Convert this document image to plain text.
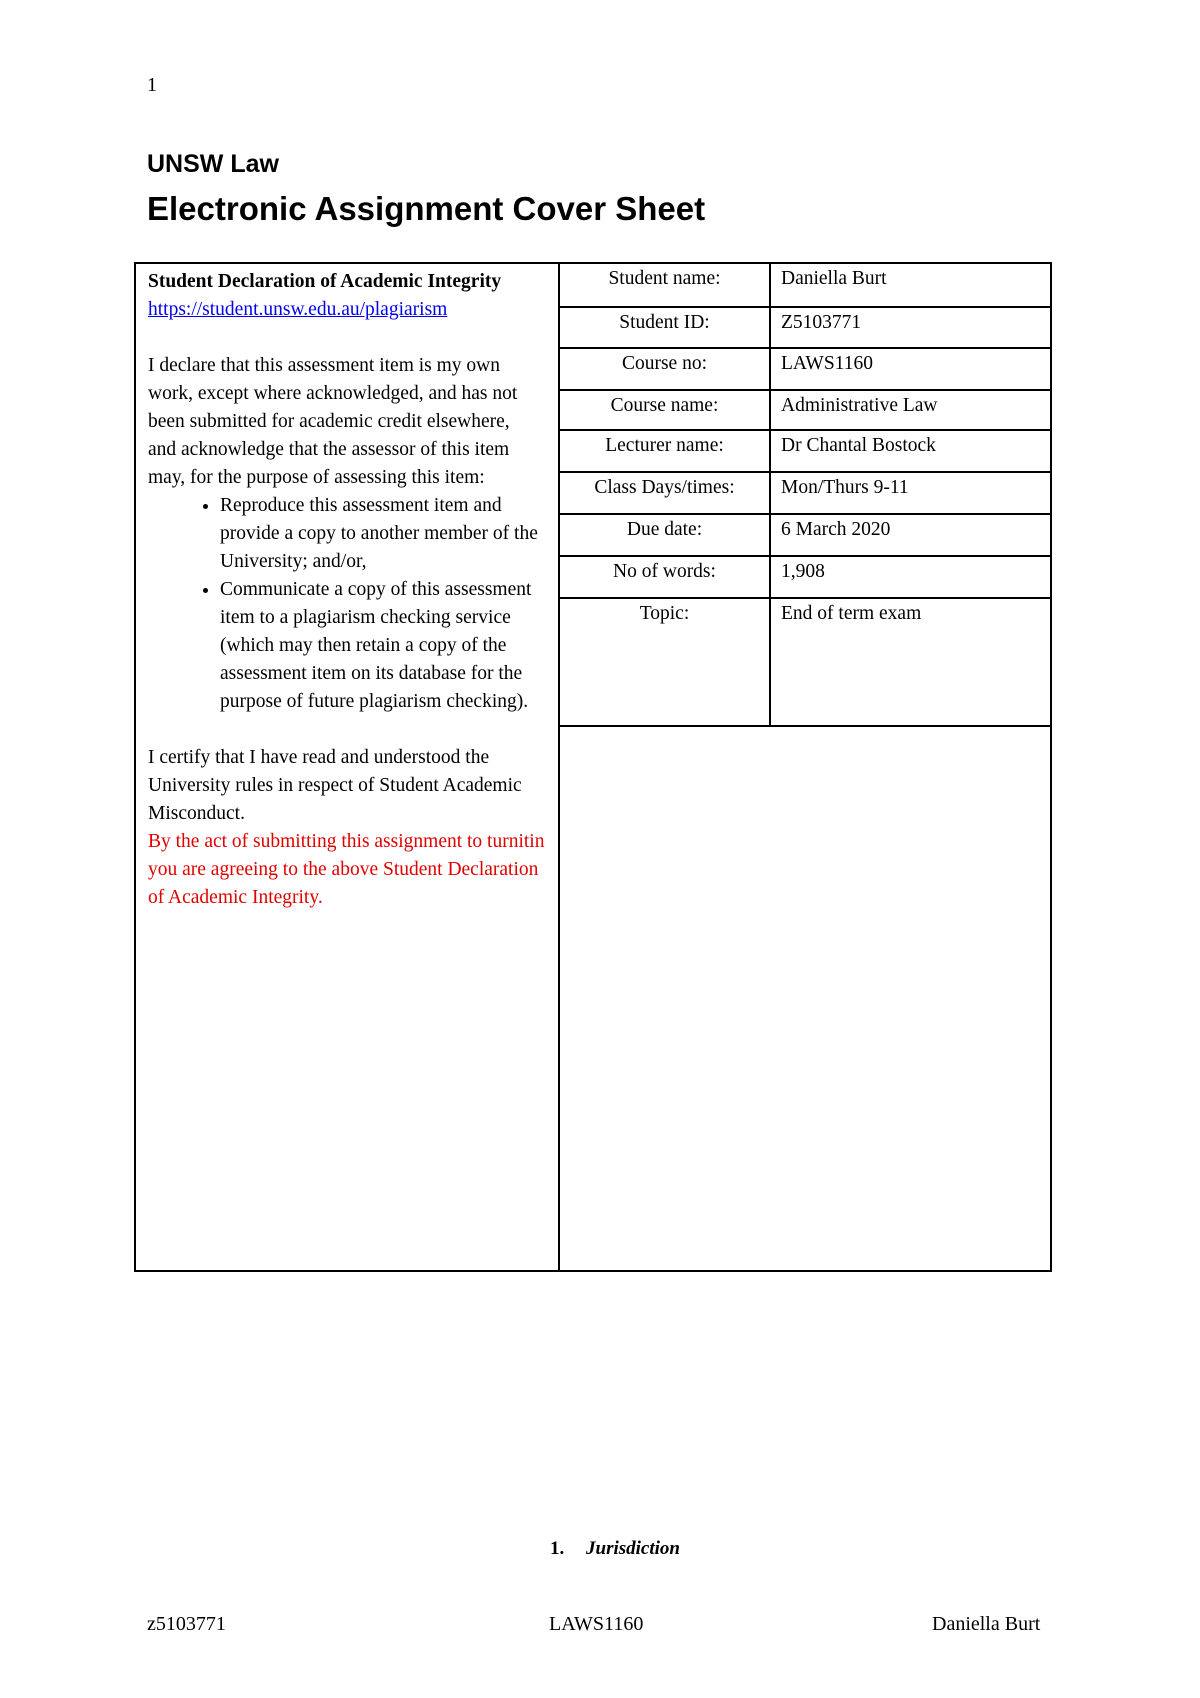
1
UNSW Law
Electronic Assignment Cover Sheet
Student Declaration of Academic Integrity
https://student.unsw.edu.au/plagiarism

I declare that this assessment item is my own

work, except where acknowledged, and has not

been submitted for academic credit elsewhere,

and acknowledge that the assessor of this item

may, for the purpose of assessing this item:

• Reproduce this assessment item and provide a copy to another member of the University; and/or,
• Communicate a copy of this assessment item to a plagiarism checking service (which may then retain a copy of the assessment item on its database for the purpose of future plagiarism checking).

I certify that I have read and understood the

University rules in respect of Student Academic

Misconduct.

By the act of submitting this assignment to turnitin you are agreeing to the above Student Declaration of Academic Integrity.

Student name:	Daniella Burt
Student ID:	Z5103771
Course no:	LAWS1160
Course name:	Administrative Law
Lecturer name:	Dr Chantal Bostock
Class Days/times:	Mon/Thurs 9-11
Due date:	6 March 2020
No of words:	1,908
Topic:	End of term exam
1. Jurisdiction
z5103771	LAWS1160	Daniella Burt
